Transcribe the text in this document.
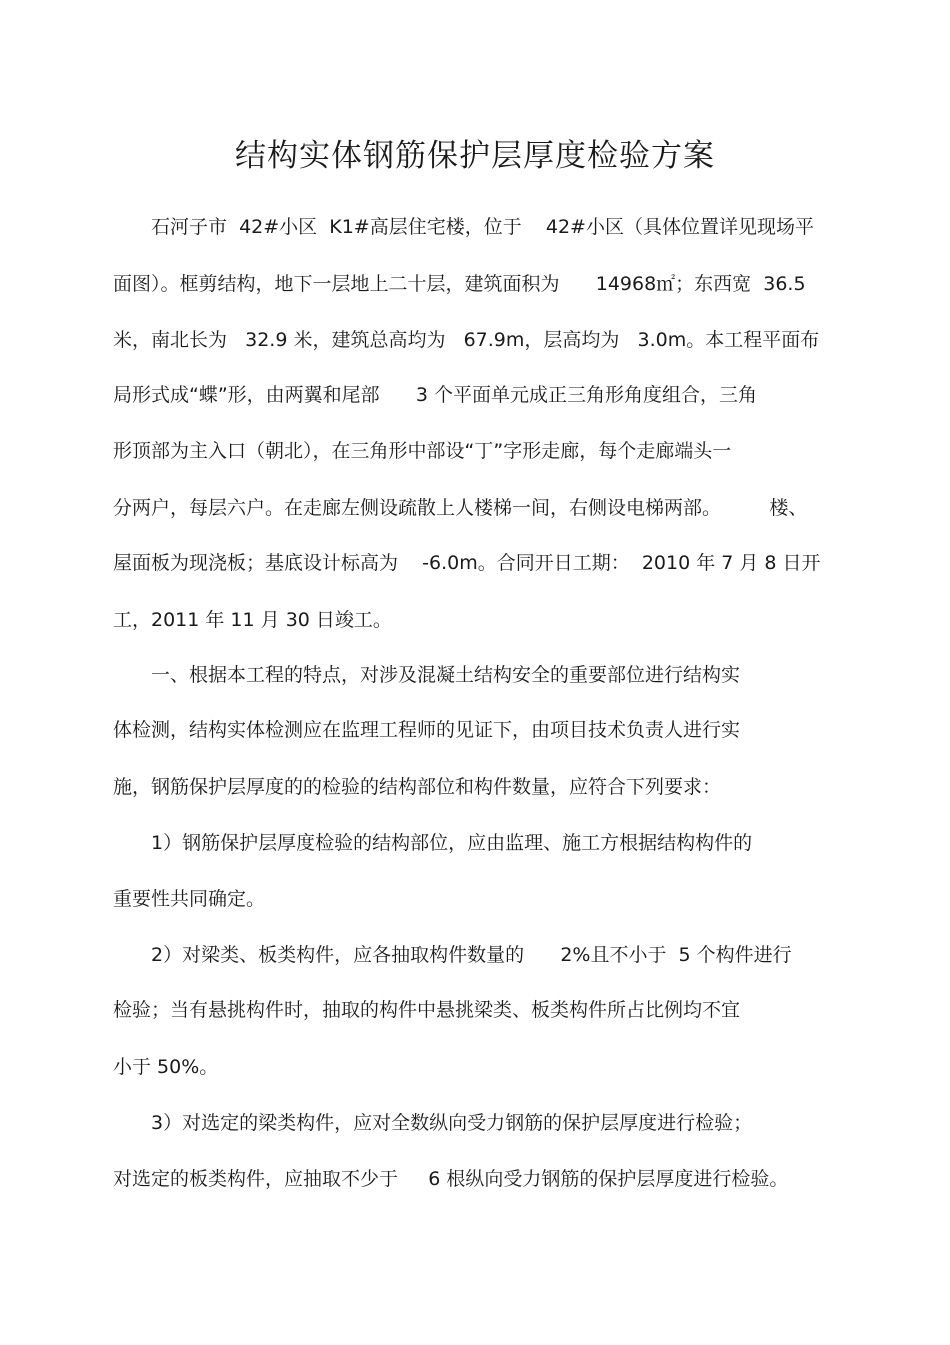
结构实体钢筋保护层厚度检验方案
　　石河子市  42#小区  K1#高层住宅楼，位于    42#小区（具体位置详见现场平
面图）。框剪结构，地下一层地上二十层，建筑面积为      14968㎡；东西宽  36.5
米，南北长为   32.9 米，建筑总高均为   67.9m，层高均为   3.0m。本工程平面布
局形式成“蝶”形，由两翼和尾部      3 个平面单元成正三角形角度组合，三角
形顶部为主入口（朝北），在三角形中部设“丁”字形走廊，每个走廊端头一
分两户，每层六户。在走廊左侧设疏散上人楼梯一间，右侧设电梯两部。        楼、
屋面板为现浇板；基底设计标高为    -6.0m。合同开日工期：  2010 年 7 月 8 日开
工，2011 年 11 月 30 日竣工。
　　一、根据本工程的特点，对涉及混凝土结构安全的重要部位进行结构实
体检测，结构实体检测应在监理工程师的见证下，由项目技术负责人进行实
施，钢筋保护层厚度的的检验的结构部位和构件数量，应符合下列要求：
　　1）钢筋保护层厚度检验的结构部位，应由监理、施工方根据结构构件的
重要性共同确定。
　　2）对梁类、板类构件，应各抽取构件数量的      2%且不小于  5 个构件进行
检验；当有悬挑构件时，抽取的构件中悬挑梁类、板类构件所占比例均不宜
小于 50%。
　　3）对选定的梁类构件，应对全数纵向受力钢筋的保护层厚度进行检验；
对选定的板类构件，应抽取不少于     6 根纵向受力钢筋的保护层厚度进行检验。
